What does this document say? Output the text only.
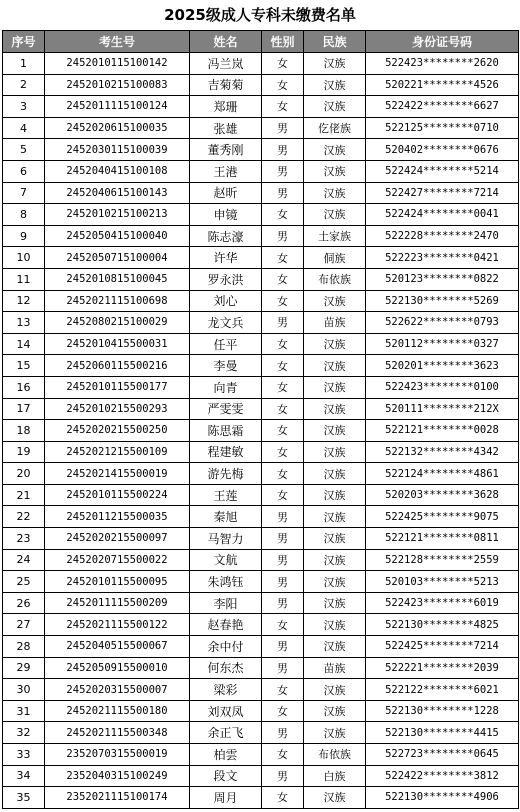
2025级成人专科未缴费名单
序号	考生号	姓名	性别	民族	身份证号码
1	2452010115100142	冯兰岚	女	汉族	522423********2620
2	2452010215100083	吉菊菊	女	汉族	520221********4526
3	2452011115100124	郑珊	女	汉族	522422********6627
4	2452020615100035	张雄	男	仡佬族	522125********0710
5	2452030115100039	董秀刚	男	汉族	520402********0676
6	2452040415100108	王港	男	汉族	522424********5214
7	2452040615100143	赵昕	男	汉族	522427********7214
8	2452010215100213	申镜	女	汉族	522424********0041
9	2452050415100040	陈志濠	男	土家族	522228********2470
10	2452050715100004	许华	女	侗族	522223********0421
11	2452010815100045	罗永洪	女	布依族	520123********0822
12	2452021115100698	刘心	女	汉族	522130********5269
13	2452080215100029	龙文兵	男	苗族	522622********0793
14	2452010415500031	任平	女	汉族	520112********0327
15	2452060115500216	李曼	女	汉族	520201********3623
16	2452010115500177	向青	女	汉族	522423********0100
17	2452010215500293	严雯雯	女	汉族	520111********212X
18	2452020215500250	陈思霜	女	汉族	522121********0028
19	2452021215500109	程建敏	女	汉族	522132********4342
20	2452021415500019	游先梅	女	汉族	522124********4861
21	2452010115500224	王莲	女	汉族	520203********3628
22	2452011215500035	秦旭	男	汉族	522425********9075
23	2452020215500097	马智力	男	汉族	522121********0811
24	2452020715500022	文航	男	汉族	522128********2559
25	2452010115500095	朱鸿钰	男	汉族	520103********5213
26	2452011115500209	李阳	男	汉族	522423********6019
27	2452021115500122	赵春艳	女	汉族	522130********4825
28	2452040515500067	余中付	男	汉族	522425********7214
29	2452050915500010	何东杰	男	苗族	522221********2039
30	2452020315500007	梁彩	女	汉族	522122********6021
31	2452021115500180	刘双凤	女	汉族	522130********1228
32	2452021115500348	余正飞	男	汉族	522130********4415
33	2352070315500019	柏雲	女	布依族	522723********0645
34	2352040315100249	段文	男	白族	522422********3812
35	2352021115100174	周月	女	汉族	522130********4906
